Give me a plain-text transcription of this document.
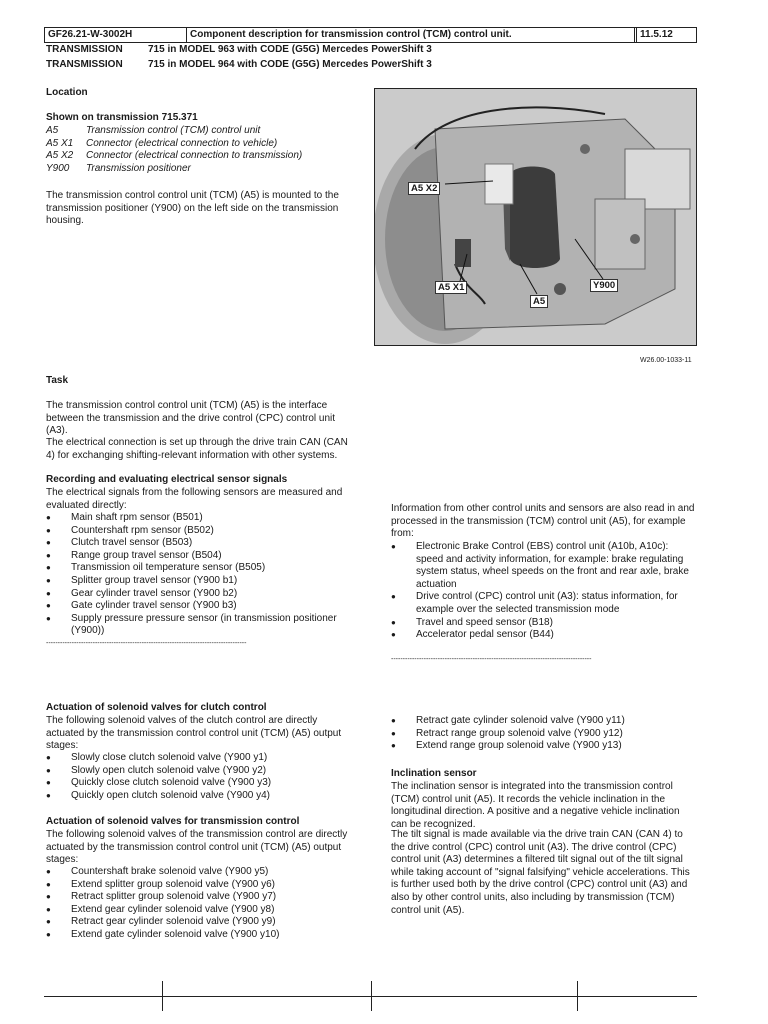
GF26.21-W-3002H	Component description for transmission control (TCM) control unit.	11.5.12
TRANSMISSION	715 in MODEL 963 with CODE (G5G) Mercedes PowerShift 3
TRANSMISSION	715 in MODEL 964 with CODE (G5G) Mercedes PowerShift 3
Location
Shown on transmission 715.371
A5	Transmission control (TCM) control unit
A5 X1 Connector (electrical connection to vehicle)
A5 X2 Connector (electrical connection to transmission)
Y900 Transmission positioner

The transmission control control unit (TCM) (A5) is mounted to the transmission positioner (Y900) on the left side on the transmission housing.

A5 X2
A5 X1
A5
Y900
W26.00-1033-11
Task

The transmission control control unit (TCM) (A5) is the interface between the transmission and the drive control (CPC) control unit (A3).

The electrical connection is set up through the drive train CAN (CAN 4) for exchanging shifting-relevant information with other systems.

Recording and evaluating electrical sensor signals

The electrical signals from the following sensors are measured and evaluated directly:

● Main shaft rpm sensor (B501)
● Countershaft rpm sensor (B502)
● Clutch travel sensor (B503)
● Range group travel sensor (B504)
● Transmission oil temperature sensor (B505)
● Splitter group travel sensor (Y900 b1)
● Gear cylinder travel sensor (Y900 b2)
● Gate cylinder travel sensor (Y900 b3)
● Supply pressure pressure sensor (in transmission positioner (Y900))
--------------------------------------------------------------------------------------

Information from other control units and sensors are also read in and processed in the transmission (TCM) control unit (A5), for example from:

● Electronic Brake Control (EBS) control unit (A10b, A10c): speed and activity information, for example: brake regulating system status, wheel speeds on the front and rear axle, brake actuation
● Drive control (CPC) control unit (A3): status information, for example over the selected transmission mode
● Travel and speed sensor (B18)
● Accelerator pedal sensor (B44)
--------------------------------------------------------------------------------------
Actuation of solenoid valves for clutch control

The following solenoid valves of the clutch control are directly actuated by the transmission control control unit (TCM) (A5) output stages:

● Slowly close clutch solenoid valve (Y900 y1)
● Slowly open clutch solenoid valve (Y900 y2)
● Quickly close clutch solenoid valve (Y900 y3)
● Quickly open clutch solenoid valve (Y900 y4)
Actuation of solenoid valves for transmission control

The following solenoid valves of the transmission control are directly actuated by the transmission control control unit (TCM) (A5) output stages:

● Countershaft brake solenoid valve (Y900 y5)
● Extend splitter group solenoid valve (Y900 y6)
● Retract splitter group solenoid valve (Y900 y7)
● Extend gear cylinder solenoid valve (Y900 y8)
● Retract gear cylinder solenoid valve (Y900 y9)
● Extend gate cylinder solenoid valve (Y900 y10)
● Retract gate cylinder solenoid valve (Y900 y11)
● Retract range group solenoid valve (Y900 y12)
● Extend range group solenoid valve (Y900 y13)
Inclination sensor

The inclination sensor is integrated into the transmission control (TCM) control unit (A5). It records the vehicle inclination in the longitudinal direction. A positive and a negative vehicle inclination can be recognized.

The tilt signal is made available via the drive train CAN (CAN 4) to the drive control (CPC) control unit (A3). The drive control (CPC) control unit (A3) determines a filtered tilt signal out of the tilt signal while taking account of "signal falsifying" vehicle accelerations. This is further used both by the drive control (CPC) control unit (A3) and also by other control units, also including by transmission (TCM) control unit (A5).
